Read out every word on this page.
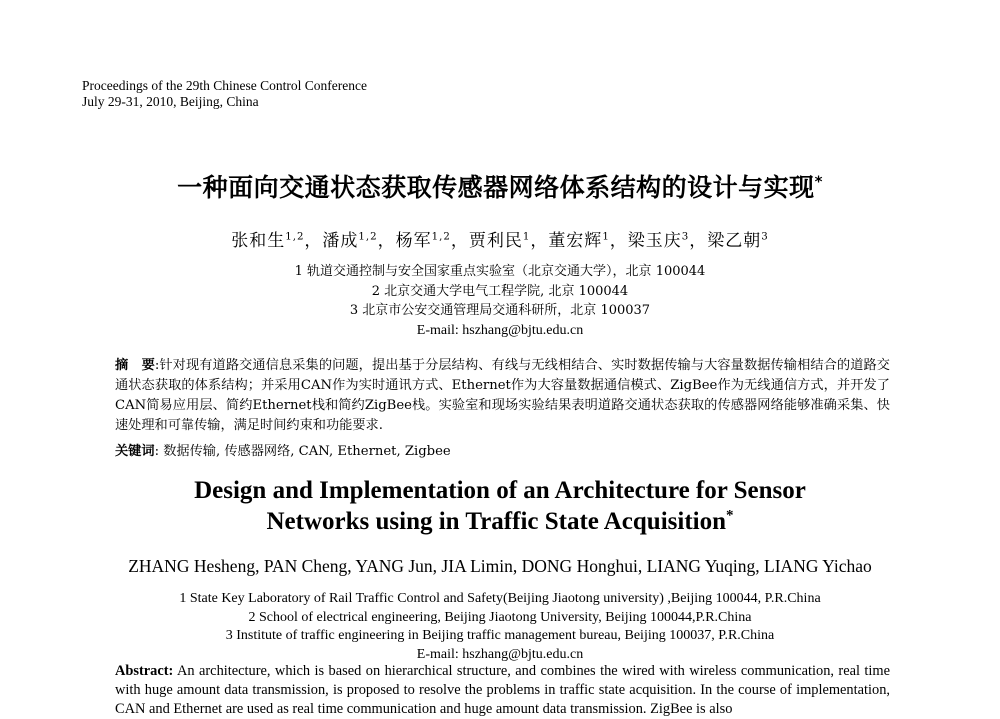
Proceedings of the 29th Chinese Control Conference
July 29-31, 2010, Beijing, China
一种面向交通状态获取传感器网络体系结构的设计与实现*
张和生$^{1,2}$，潘成$^{1,2}$，杨军$^{1,2}$，贾利民$^1$，董宏辉$^1$，梁玉庆$^3$，梁乙朝$^3$
1 轨道交通控制与安全国家重点实验室（北京交通大学），北京 100044
2 北京交通大学电气工程学院, 北京 100044
3 北京市公安交通管理局交通科研所，北京 100037
E-mail: hszhang@bjtu.edu.cn
摘　要:针对现有道路交通信息采集的问题，提出基于分层结构、有线与无线相结合、实时数据传输与大容量数据传输相结合的道路交通状态获取的体系结构；并采用CAN作为实时通讯方式、Ethernet作为大容量数据通信模式、ZigBee作为无线通信方式，并开发了CAN简易应用层、简约Ethernet栈和简约ZigBee栈。实验室和现场实验结果表明道路交通状态获取的传感器网络能够准确采集、快速处理和可靠传输，满足时间约束和功能要求.
关键词: 数据传输, 传感器网络, CAN, Ethernet, Zigbee
Design and Implementation of an Architecture for Sensor
Networks using in Traffic State Acquisition*
ZHANG Hesheng, PAN Cheng, YANG Jun, JIA Limin, DONG Honghui, LIANG Yuqing, LIANG Yichao
1 State Key Laboratory of Rail Traffic Control and Safety(Beijing Jiaotong university) ,Beijing 100044, P.R.China
2 School of electrical engineering, Beijing Jiaotong University, Beijing 100044,P.R.China
3 Institute of traffic engineering in Beijing traffic management bureau, Beijing 100037, P.R.China
E-mail: hszhang@bjtu.edu.cn
Abstract: An architecture, which is based on hierarchical structure, and combines the wired with wireless communication, real time with huge amount data transmission, is proposed to resolve the problems in traffic state acquisition. In the course of implementation, CAN and Ethernet are used as real time communication and huge amount data transmission. ZigBee is also
